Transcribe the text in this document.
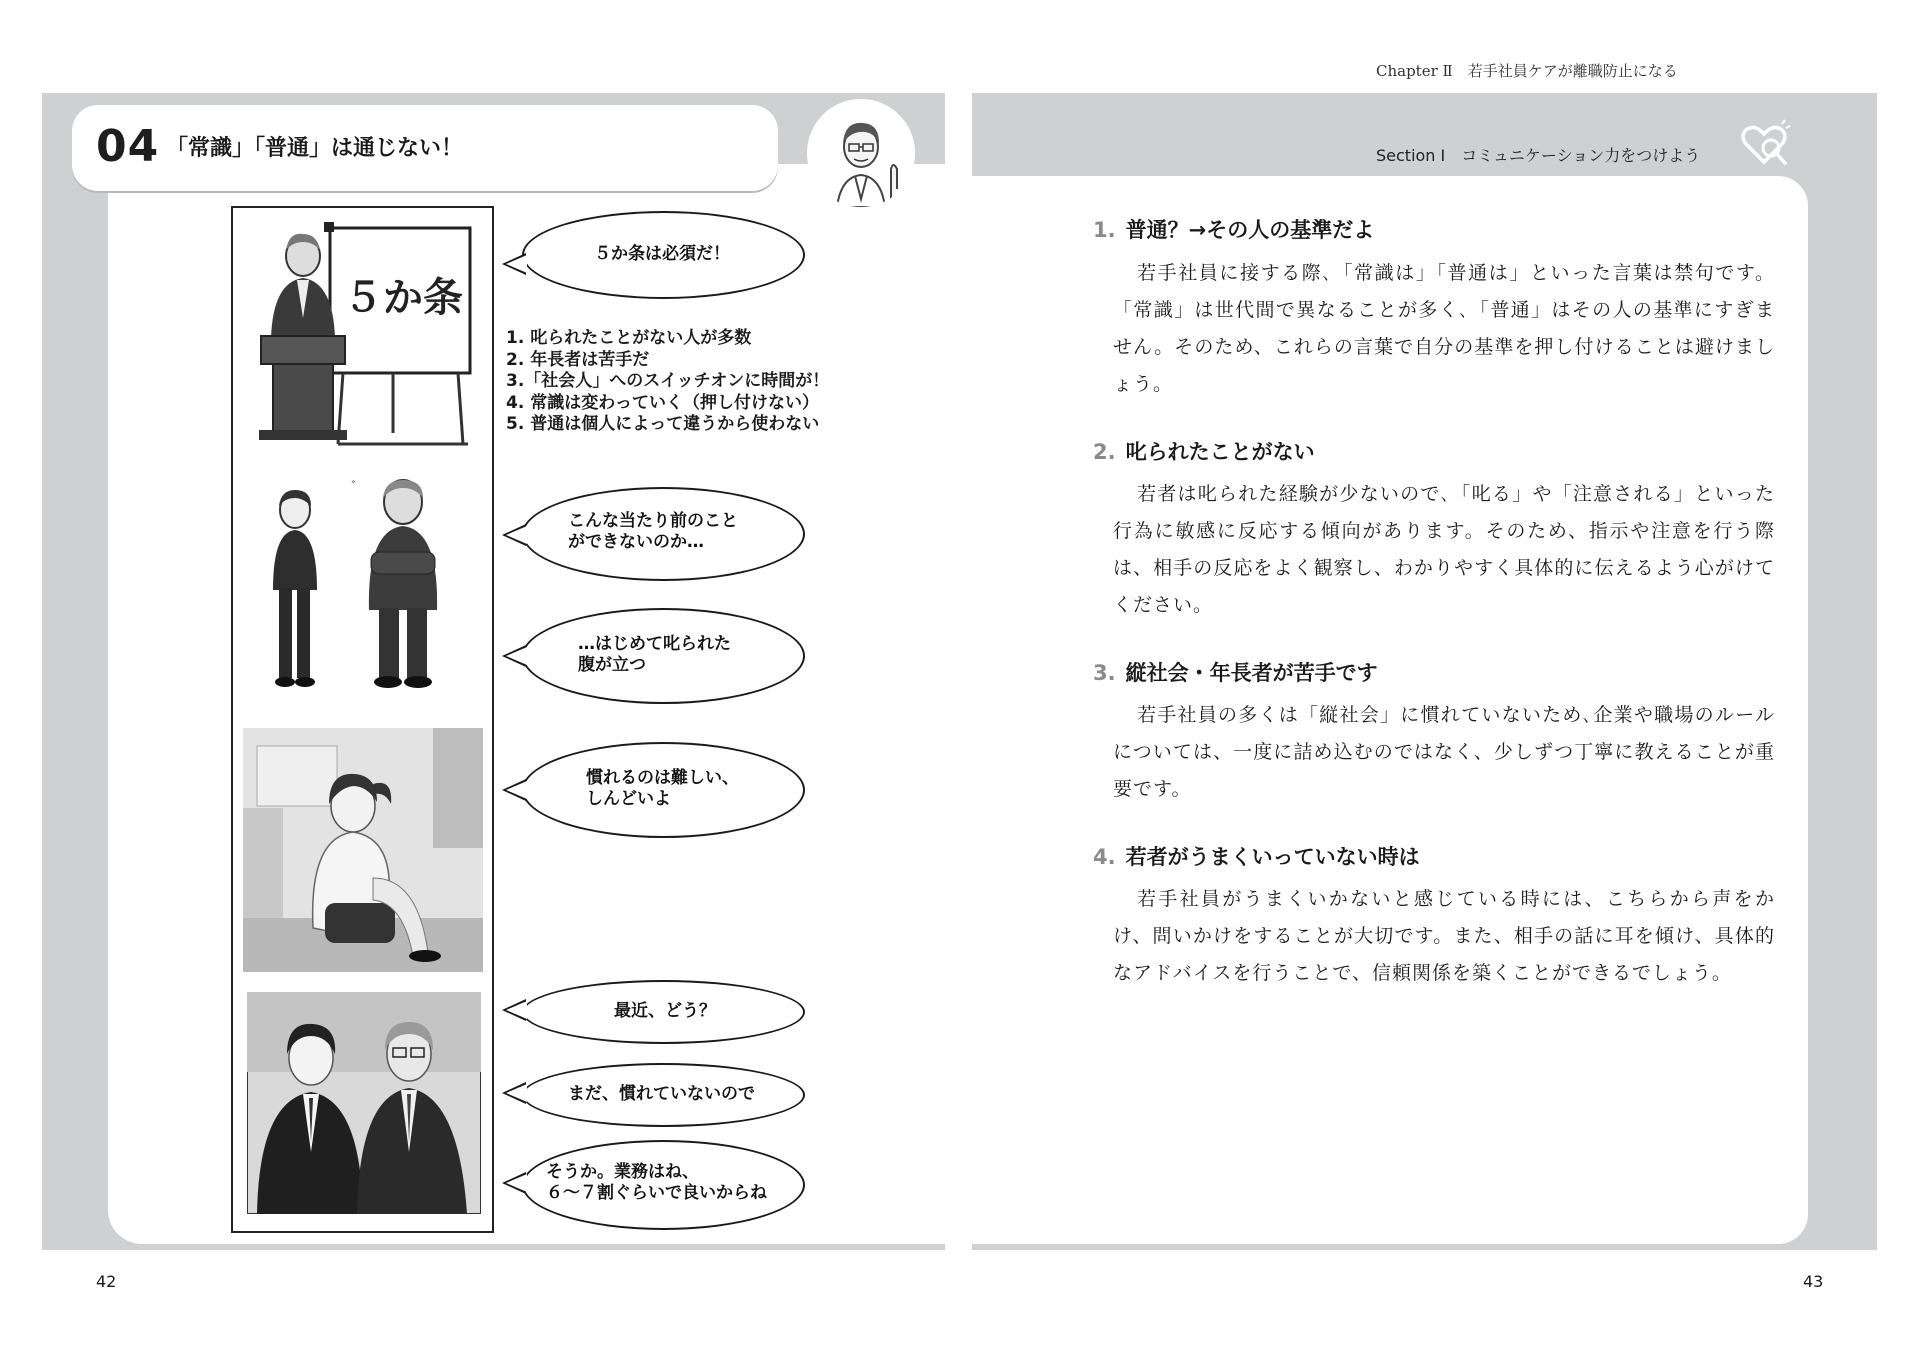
04 「常識」「普通」は通じない！
５か条
ﾞ
1. 叱られたことがない人が多数
2. 年長者は苦手だ
3.「社会人」へのスイッチオンに時間が！
4. 常識は変わっていく（押し付けない）
5. 普通は個人によって違うから使わない
５か条は必須だ！
こんな当たり前のこと
ができないのか…
…はじめて叱られた
腹が立つ
慣れるのは難しい、
しんどいよ
最近、どう？
まだ、慣れていないので
そうか。業務はね、
６～７割ぐらいで良いからね
42
Chapter Ⅱ　若手社員ケアが離職防止になる
Section Ⅰ　コミュニケーション力をつけよう
1. 普通？→その人の基準だよ
若手社員に接する際､「常識は」「普通は」といった言葉は禁句です。「常識」は世代間で異なることが多く､「普通」はその人の基準にすぎません。そのため、これらの言葉で自分の基準を押し付けることは避けましょう。
2. 叱られたことがない
若者は叱られた経験が少ないので､「叱る」や「注意される」といった行為に敏感に反応する傾向があります。そのため、指示や注意を行う際は、相手の反応をよく観察し、わかりやすく具体的に伝えるよう心がけてください。
3. 縦社会・年長者が苦手です
若手社員の多くは「縦社会」に慣れていないため､企業や職場のルールについては、一度に詰め込むのではなく、少しずつ丁寧に教えることが重要です。
4. 若者がうまくいっていない時は
若手社員がうまくいかないと感じている時には、こちらから声をかけ、問いかけをすることが大切です。また、相手の話に耳を傾け、具体的なアドバイスを行うことで、信頼関係を築くことができるでしょう。
43
